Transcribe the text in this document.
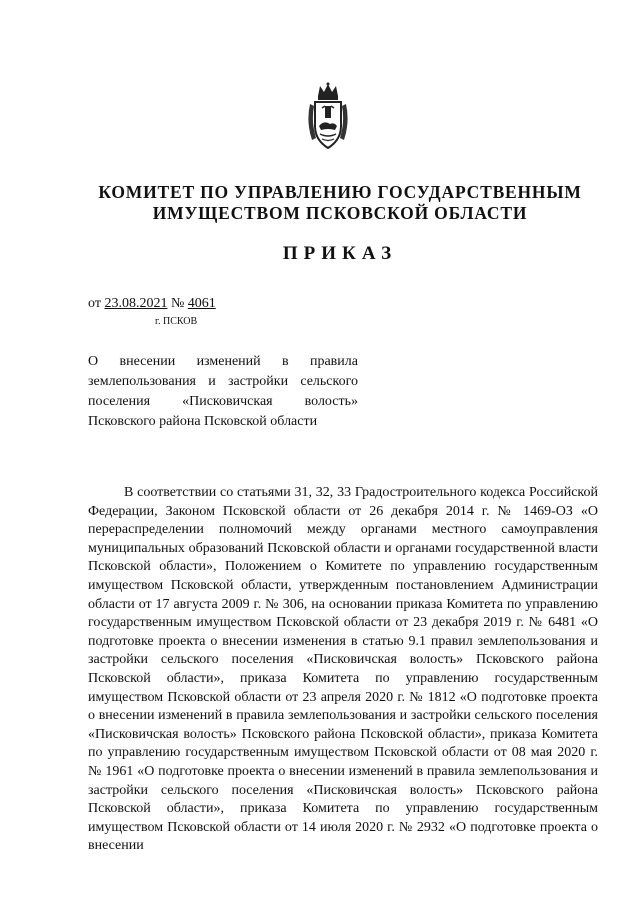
КОМИТЕТ ПО УПРАВЛЕНИЮ ГОСУДАРСТВЕННЫМ
ИМУЩЕСТВОМ ПСКОВСКОЙ ОБЛАСТИ
ПРИКАЗ
от 23.08.2021 № 4061
г. ПСКОВ
О внесении изменений в правила землепользования и застройки сельского поселения «Писковичская волость» Псковского района Псковской области
В соответствии со статьями 31, 32, 33 Градостроительного кодекса Российской Федерации, Законом Псковской области от 26 декабря 2014 г. № 1469-ОЗ «О перераспределении полномочий между органами местного самоуправления муниципальных образований Псковской области и органами государственной власти Псковской области», Положением о Комитете по управлению государственным имуществом Псковской области, утвержденным постановлением Администрации области от 17 августа 2009 г. № 306, на основании приказа Комитета по управлению государственным имуществом Псковской области от 23 декабря 2019 г. № 6481 «О подготовке проекта о внесении изменения в статью 9.1 правил землепользования и застройки сельского поселения «Писковичская волость» Псковского района Псковской области», приказа Комитета по управлению государственным имуществом Псковской области от 23 апреля 2020 г. № 1812 «О подготовке проекта о внесении изменений в правила землепользования и застройки сельского поселения «Писковичская волость» Псковского района Псковской области», приказа Комитета по управлению государственным имуществом Псковской области от 08 мая 2020 г. № 1961 «О подготовке проекта о внесении изменений в правила землепользования и застройки сельского поселения «Писковичская волость» Псковского района Псковской области», приказа Комитета по управлению государственным имуществом Псковской области от 14 июля 2020 г. № 2932 «О подготовке проекта о внесении
